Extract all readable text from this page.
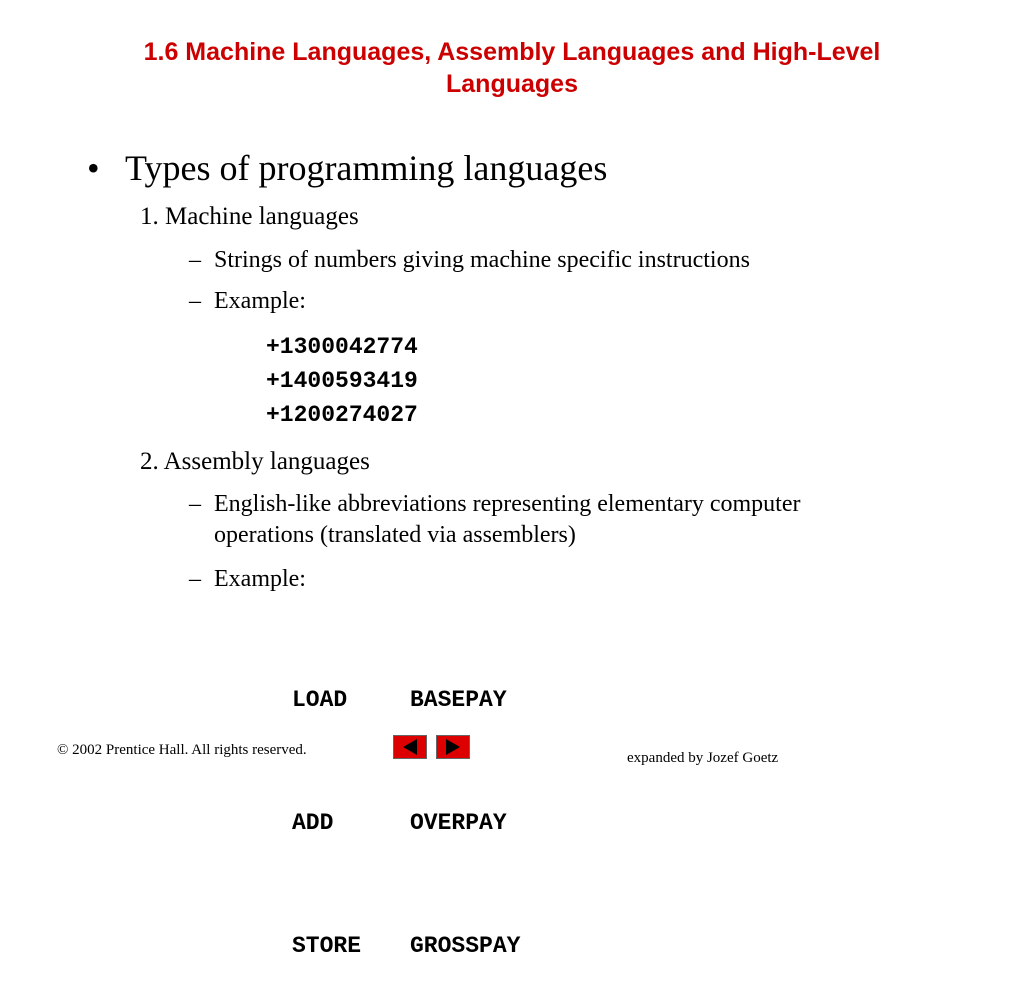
1.6 Machine Languages, Assembly Languages and High-Level
Languages
• Types of programming languages
1. Machine languages
– Strings of numbers giving machine specific instructions
– Example:
+1300042774
+1400593419
+1200274027
2. Assembly languages
– English-like abbreviations representing elementary computer
operations (translated via assemblers)
– Example:

LOAD	BASEPAY

ADD	OVERPAY

STORE GROSSPAY

© 2002 Prentice Hall. All rights reserved.	expanded by Jozef Goetz
